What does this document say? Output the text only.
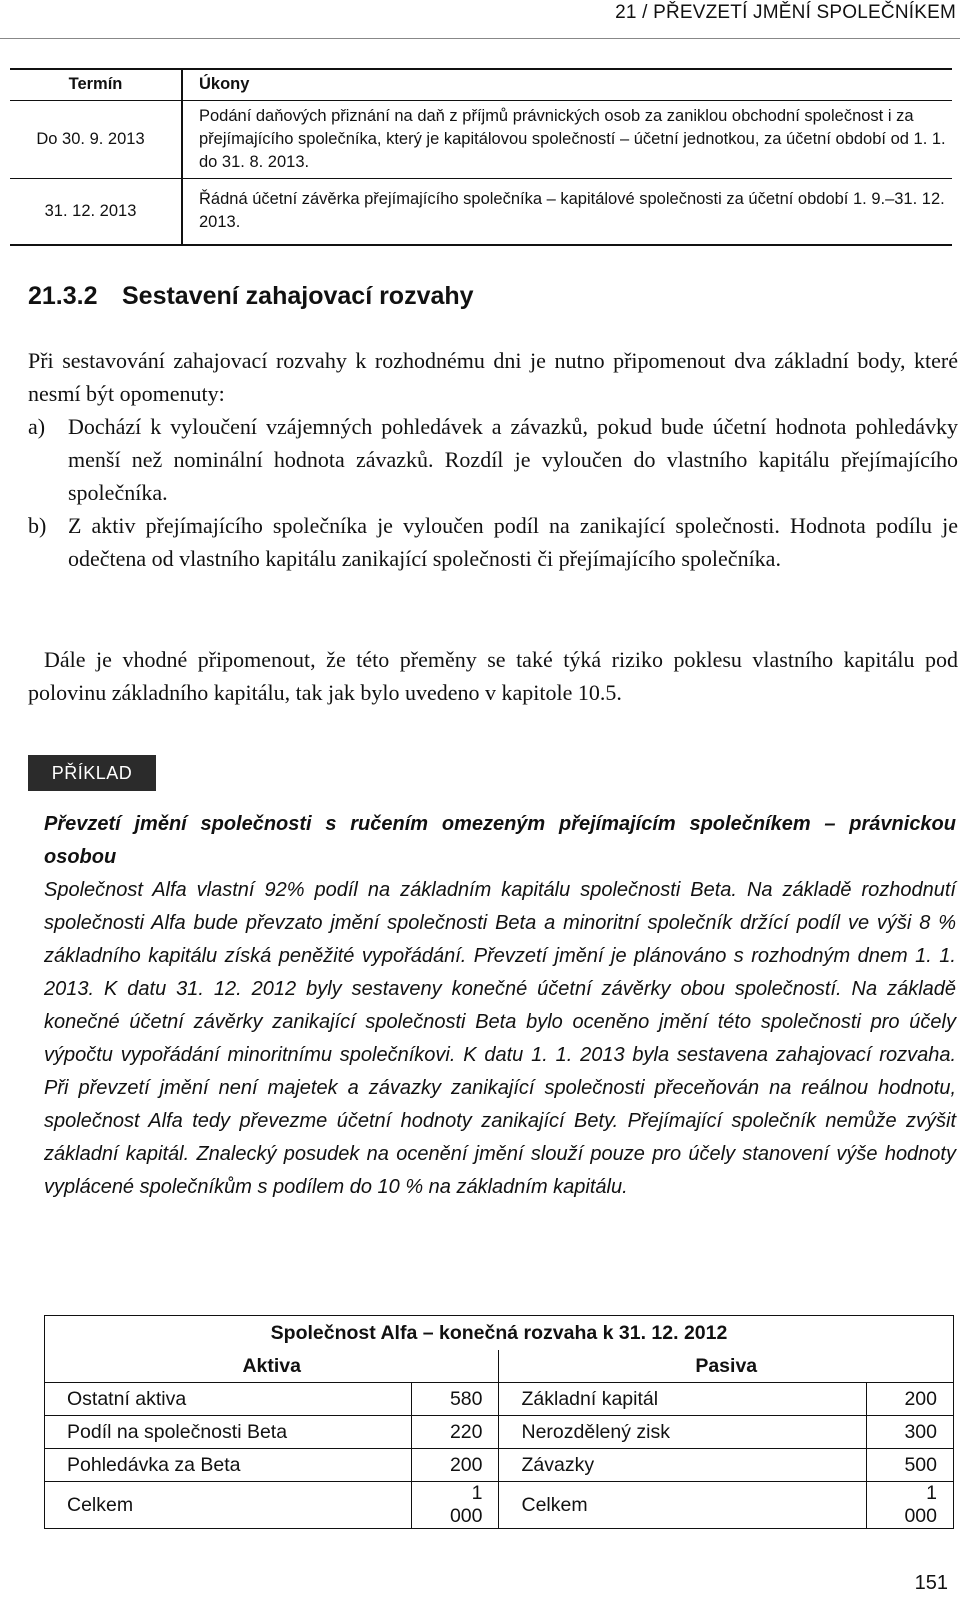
21 / PŘEVZETÍ JMĚNÍ SPOLEČNÍKEM
Termín	Úkony
Do 30. 9. 2013	Podání daňových přiznání na daň z příjmů právnických osob za zaniklou obchodní společnost i za přejímajícího společníka, který je kapitálovou společností – účetní jednotkou, za účetní období od 1. 1. do 31. 8. 2013.
31. 12. 2013	Řádná účetní závěrka přejímajícího společníka – kapitálové společnosti za účetní období 1. 9.–31. 12. 2013.
21.3.2 Sestavení zahajovací rozvahy

Při sestavování zahajovací rozvahy k rozhodnému dni je nutno připomenout dva základní body, které nesmí být opomenuty:

a)	Dochází k vyloučení vzájemných pohledávek a závazků, pokud bude účetní hodnota pohledávky menší než nominální hodnota závazků. Rozdíl je vyloučen do vlastního kapitálu přejímajícího společníka.
b) Z aktiv přejímajícího společníka je vyloučen podíl na zanikající společnosti. Hodnota podílu je odečtena od vlastního kapitálu zanikající společnosti či přejímajícího společníka.
Dále je vhodné připomenout, že této přeměny se také týká riziko poklesu vlastního kapitálu pod polovinu základního kapitálu, tak jak bylo uvedeno v kapitole 10.5.
PŘÍKLAD

Převzetí jmění společnosti s ručením omezeným přejímajícím společníkem – právnickou osobou

Společnost Alfa vlastní 92% podíl na základním kapitálu společnosti Beta. Na základě rozhodnutí společnosti Alfa bude převzato jmění společnosti Beta a minoritní společník držící podíl ve výši 8 % základního kapitálu získá peněžité vypořádání. Převzetí jmění je plánováno s rozhodným dnem 1. 1. 2013. K datu 31. 12. 2012 byly sestaveny konečné účetní závěrky obou společností. Na základě konečné účetní závěrky zanikající společnosti Beta bylo oceněno jmění této společnosti pro účely výpočtu vypořádání minoritnímu společníkovi. K datu 1. 1. 2013 byla sestavena zahajovací rozvaha. Při převzetí jmění není majetek a závazky zanikající společnosti přeceňován na reálnou hodnotu, společnost Alfa tedy převezme účetní hodnoty zanikající Bety. Přejímající společník nemůže zvýšit základní kapitál. Znalecký posudek na ocenění jmění slouží pouze pro účely stanovení výše hodnoty vyplácené společníkům s podílem do 10 % na základním kapitálu.

Společnost Alfa – konečná rozvaha k 31. 12. 2012			
Aktiva		Pasiva	
Ostatní aktiva	580	Základní kapitál	200
Podíl na společnosti Beta	220	Nerozdělený zisk	300
Pohledávka za Beta	200	Závazky	500
Celkem	1 000	Celkem	1 000
151
